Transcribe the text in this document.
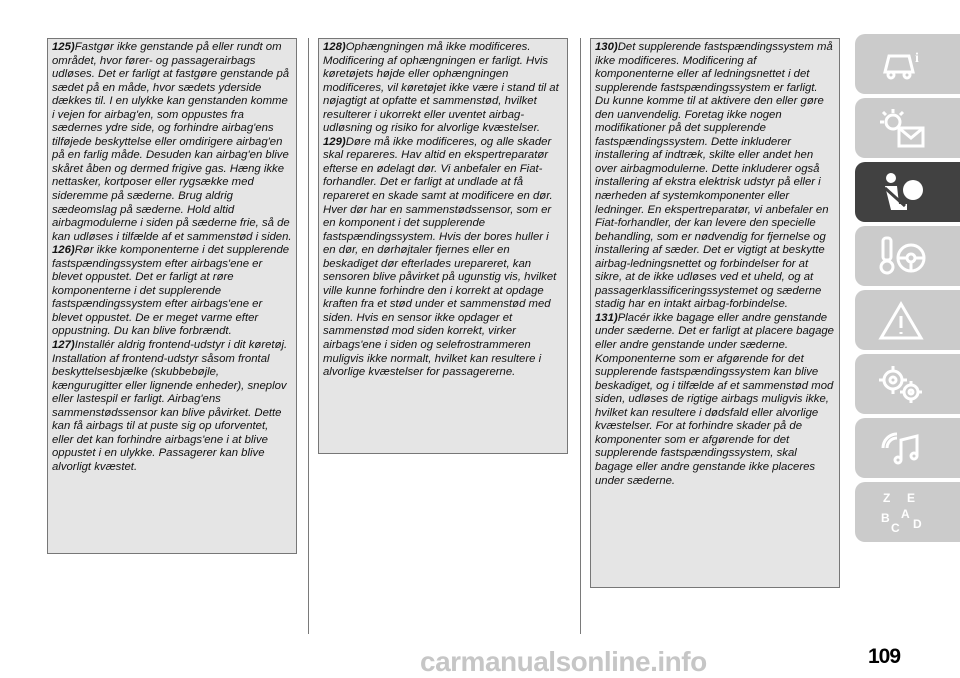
125)Fastgør ikke genstande på eller rundt om området, hvor fører- og passagerairbags udløses. Det er farligt at fastgøre genstande på sædet på en måde, hvor sædets yderside dækkes til. I en ulykke kan genstanden komme i vejen for airbag'en, som oppustes fra sædernes ydre side, og forhindre airbag'ens tilføjede beskyttelse eller omdirigere airbag'en på en farlig måde. Desuden kan airbag'en blive skåret åben og dermed frigive gas. Hæng ikke nettasker, kortposer eller rygsække med sideremme på sæderne. Brug aldrig sædeomslag på sæderne. Hold altid airbagmodulerne i siden på sæderne frie, så de kan udløses i tilfælde af et sammenstød i siden.

126)Rør ikke komponenterne i det supplerende fastspændingssystem efter airbags'ene er blevet oppustet. Det er farligt at røre komponenterne i det supplerende fastspændingssystem efter airbags'ene er blevet oppustet. De er meget varme efter oppustning. Du kan blive forbrændt.

127)Installér aldrig frontend-udstyr i dit køretøj. Installation af frontend-udstyr såsom frontal beskyttelsesbjælke (skubbebøjle, kængurugitter eller lignende enheder), sneplov eller lastespil er farligt. Airbag'ens sammenstødssensor kan blive påvirket. Dette kan få airbags til at puste sig op uforventet, eller det kan forhindre airbags'ene i at blive oppustet i en ulykke. Passagerer kan blive alvorligt kvæstet.

128)Ophængningen må ikke modificeres. Modificering af ophængningen er farligt. Hvis køretøjets højde eller ophængningen modificeres, vil køretøjet ikke være i stand til at nøjagtigt at opfatte et sammenstød, hvilket resulterer i ukorrekt eller uventet airbag-udløsning og risiko for alvorlige kvæstelser.

129)Døre må ikke modificeres, og alle skader skal repareres. Hav altid en ekspertreparatør efterse en ødelagt dør. Vi anbefaler en Fiat-forhandler. Det er farligt at undlade at få repareret en skade samt at modificere en dør. Hver dør har en sammenstødssensor, som er en komponent i det supplerende fastspændingssystem. Hvis der bores huller i en dør, en dørhøjtaler fjernes eller en beskadiget dør efterlades urepareret, kan sensoren blive påvirket på ugunstig vis, hvilket ville kunne forhindre den i korrekt at opdage kraften fra et stød under et sammenstød med siden. Hvis en sensor ikke opdager et sammenstød mod siden korrekt, virker airbags'ene i siden og selefrostrammeren muligvis ikke normalt, hvilket kan resultere i alvorlige kvæstelser for passagererne.

130)Det supplerende fastspændingssystem må ikke modificeres. Modificering af komponenterne eller af ledningsnettet i det supplerende fastspændingssystem er farligt. Du kunne komme til at aktivere den eller gøre den uanvendelig. Foretag ikke nogen modifikationer på det supplerende fastspændingssystem. Dette inkluderer installering af indtræk, skilte eller andet hen over airbagmodulerne. Dette inkluderer også installering af ekstra elektrisk udstyr på eller i nærheden af systemkomponenter eller ledninger. En ekspertreparatør, vi anbefaler en Fiat-forhandler, der kan levere den specielle behandling, som er nødvendig for fjernelse og installering af sæder. Det er vigtigt at beskytte airbag-ledningsnettet og forbindelser for at sikre, at de ikke udløses ved et uheld, og at passagerklassificeringssystemet og sæderne stadig har en intakt airbag-forbindelse.

131)Placér ikke bagage eller andre genstande under sæderne. Det er farligt at placere bagage eller andre genstande under sæderne. Komponenterne som er afgørende for det supplerende fastspændingssystem kan blive beskadiget, og i tilfælde af et sammenstød mod siden, udløses de rigtige airbags muligvis ikke, hvilket kan resultere i dødsfald eller alvorlige kvæstelser. For at forhindre skader på de komponenter som er afgørende for det supplerende fastspændingssystem, skal bagage eller andre genstande ikke placeres under sæderne.

i
Z E
B A
C D
109
carmanualsonline.info
